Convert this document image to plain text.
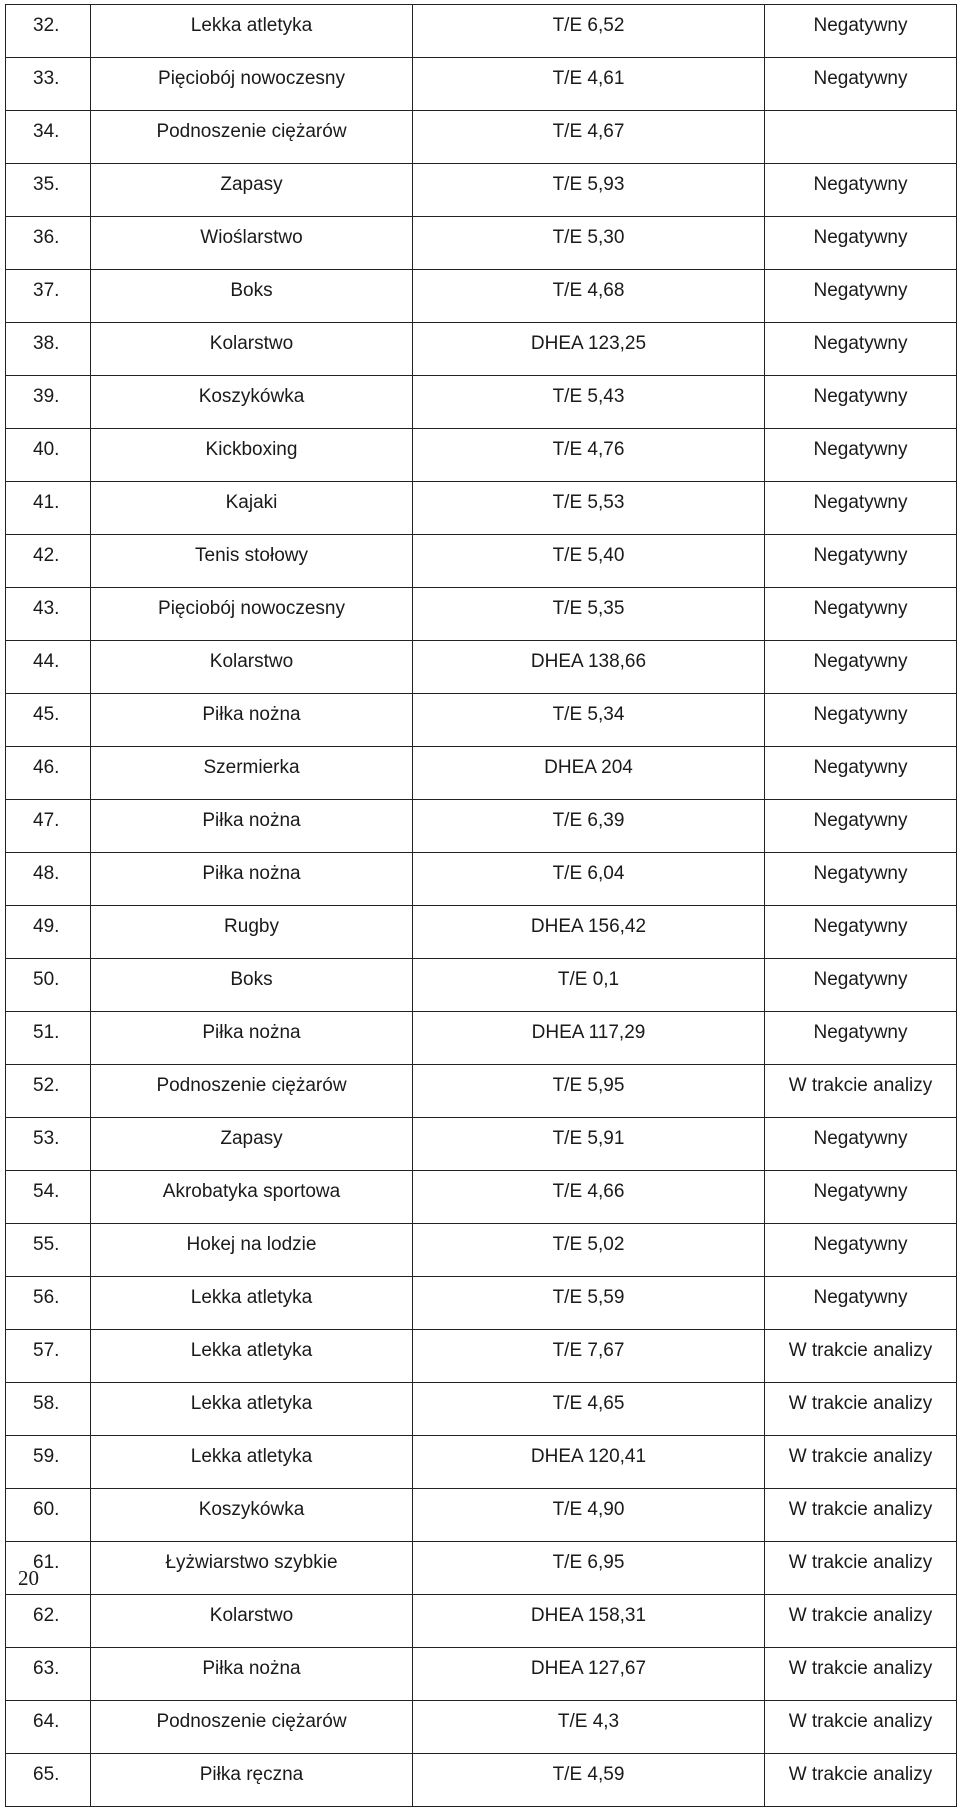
32.	Lekka atletyka	T/E 6,52	Negatywny
33.	Pięciobój nowoczesny	T/E 4,61	Negatywny
34.	Podnoszenie ciężarów	T/E 4,67	
35.	Zapasy	T/E 5,93	Negatywny
36.	Wioślarstwo	T/E 5,30	Negatywny
37.	Boks	T/E 4,68	Negatywny
38.	Kolarstwo	DHEA 123,25	Negatywny
39.	Koszykówka	T/E 5,43	Negatywny
40.	Kickboxing	T/E 4,76	Negatywny
41.	Kajaki	T/E 5,53	Negatywny
42.	Tenis stołowy	T/E 5,40	Negatywny
43.	Pięciobój nowoczesny	T/E 5,35	Negatywny
44.	Kolarstwo	DHEA 138,66	Negatywny
45.	Piłka nożna	T/E 5,34	Negatywny
46.	Szermierka	DHEA 204	Negatywny
47.	Piłka nożna	T/E 6,39	Negatywny
48.	Piłka nożna	T/E 6,04	Negatywny
49.	Rugby	DHEA 156,42	Negatywny
50.	Boks	T/E 0,1	Negatywny
51.	Piłka nożna	DHEA 117,29	Negatywny
52.	Podnoszenie ciężarów	T/E 5,95	W trakcie analizy
53.	Zapasy	T/E 5,91	Negatywny
54.	Akrobatyka sportowa	T/E 4,66	Negatywny
55.	Hokej na lodzie	T/E 5,02	Negatywny
56.	Lekka atletyka	T/E 5,59	Negatywny
57.	Lekka atletyka	T/E 7,67	W trakcie analizy
58.	Lekka atletyka	T/E 4,65	W trakcie analizy
59.	Lekka atletyka	DHEA 120,41	W trakcie analizy
60.	Koszykówka	T/E 4,90	W trakcie analizy
61.	Łyżwiarstwo szybkie	T/E 6,95	W trakcie analizy
62.	Kolarstwo	DHEA 158,31	W trakcie analizy
63.	Piłka nożna	DHEA 127,67	W trakcie analizy
64.	Podnoszenie ciężarów	T/E 4,3	W trakcie analizy
65.	Piłka ręczna	T/E 4,59	W trakcie analizy
20
